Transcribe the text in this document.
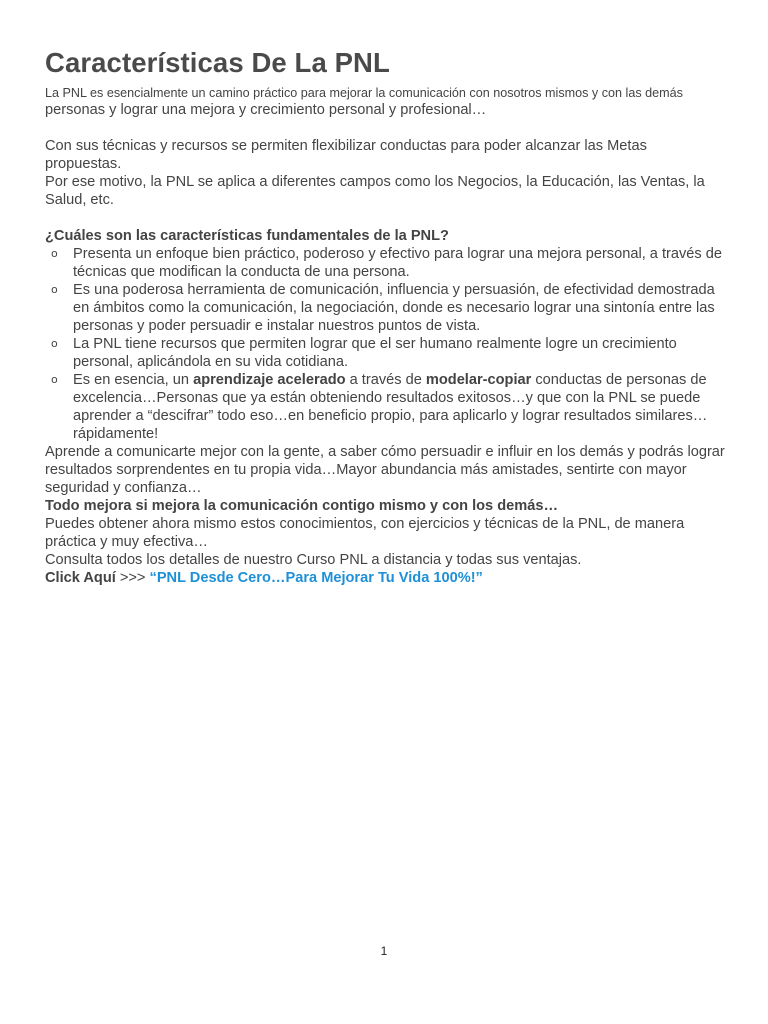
Características De La PNL

La PNL es esencialmente un camino práctico para mejorar la comunicación con nosotros mismos y con las demás

personas y lograr una mejora y crecimiento personal y profesional…

Con sus técnicas y recursos se permiten flexibilizar conductas para poder alcanzar las Metas propuestas.

Por ese motivo, la PNL se aplica a diferentes campos como los Negocios, la Educación, las Ventas, la Salud, etc.

¿Cuáles son las características fundamentales de la PNL?

o Presenta un enfoque bien práctico, poderoso y efectivo para lograr una mejora personal, a través de técnicas que modifican la conducta de una persona.
o Es una poderosa herramienta de comunicación, influencia y persuasión, de efectividad demostrada en ámbitos como la comunicación, la negociación, donde es necesario lograr una sintonía entre las personas y poder persuadir e instalar nuestros puntos de vista.
o La PNL tiene recursos que permiten lograr que el ser humano realmente logre un crecimiento personal, aplicándola en su vida cotidiana.
o Es en esencia, un aprendizaje acelerado a través de modelar-copiar conductas de personas de excelencia…Personas que ya están obteniendo resultados exitosos…y que con la PNL se puede aprender a “descifrar” todo eso…en beneficio propio, para aplicarlo y lograr resultados similares…rápidamente!

Aprende a comunicarte mejor con la gente, a saber cómo persuadir e influir en los demás y podrás lograr resultados sorprendentes en tu propia vida…Mayor abundancia más amistades, sentirte con mayor seguridad y confianza…

Todo mejora si mejora la comunicación contigo mismo y con los demás…

Puedes obtener ahora mismo estos conocimientos, con ejercicios y técnicas de la PNL, de manera práctica y muy efectiva…

Consulta todos los detalles de nuestro Curso PNL a distancia y todas sus ventajas.

Click Aquí >>> “PNL Desde Cero…Para Mejorar Tu Vida 100%!”

1
